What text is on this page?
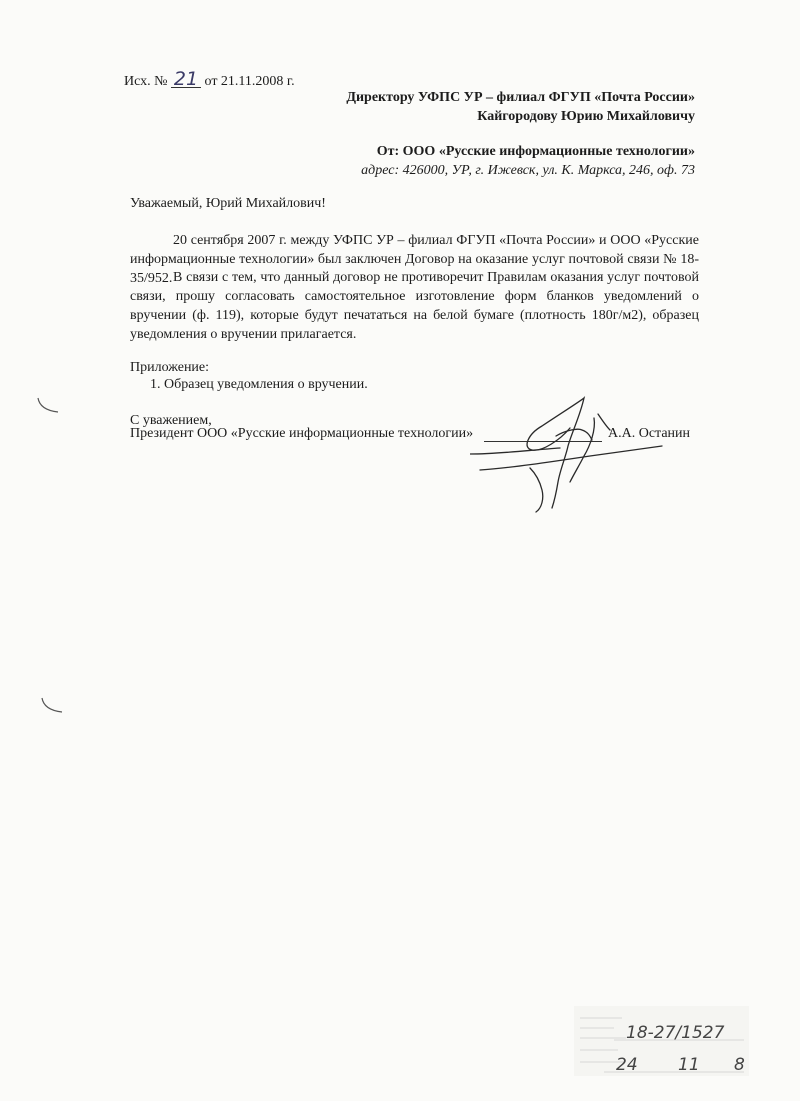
Исх. № 21 от 21.11.2008 г.
Директору УФПС УР – филиал ФГУП «Почта России»
Кайгородову Юрию Михайловичу
От: ООО «Русские информационные технологии»
адрес: 426000, УР, г. Ижевск, ул. К. Маркса, 246, оф. 73
Уважаемый, Юрий Михайлович!
20 сентября 2007 г. между УФПС УР – филиал ФГУП «Почта России» и ООО «Русские информационные технологии» был заключен Договор на оказание услуг почтовой связи № 18-35/952. В связи с тем, что данный договор не противоречит Правилам оказания услуг почтовой связи, прошу согласовать самостоятельное изготовление форм бланков уведомлений о вручении (ф. 119), которые будут печататься на белой бумаге (плотность 180г/м2), образец уведомления о вручении прилагается.
Приложение:
1. Образец уведомления о вручении.
С уважением,
Президент ООО «Русские информационные технологии»	А.А. Останин
18-27/1527
24 11 8
